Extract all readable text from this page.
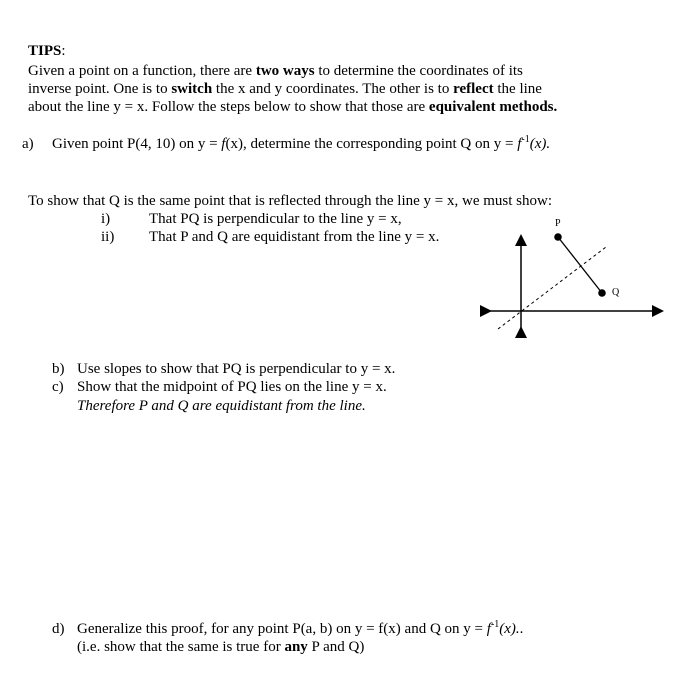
TIPS:
Given a point on a function, there are two ways to determine the coordinates of its
inverse point. One is to switch the x and y coordinates. The other is to reflect the line
about the line y = x. Follow the steps below to show that those are equivalent methods.
a) Given point P(4, 10) on y = f(x), determine the corresponding point Q on $y = f^{-1}(x)$.
To show that Q is the same point that is reflected through the line y = x, we must show:
i)	That PQ is perpendicular to the line y = x,
ii) That P and Q are equidistant from the line y = x.
P
Q
b) Use slopes to show that PQ is perpendicular to y = x.
c) Show that the midpoint of PQ lies on the line y = x.
Therefore P and Q are equidistant from the line.
d) Generalize this proof, for any point P(a, b) on y = f(x) and Q on $y = f^{-1}(x)$..
(i.e. show that the same is true for any P and Q)
